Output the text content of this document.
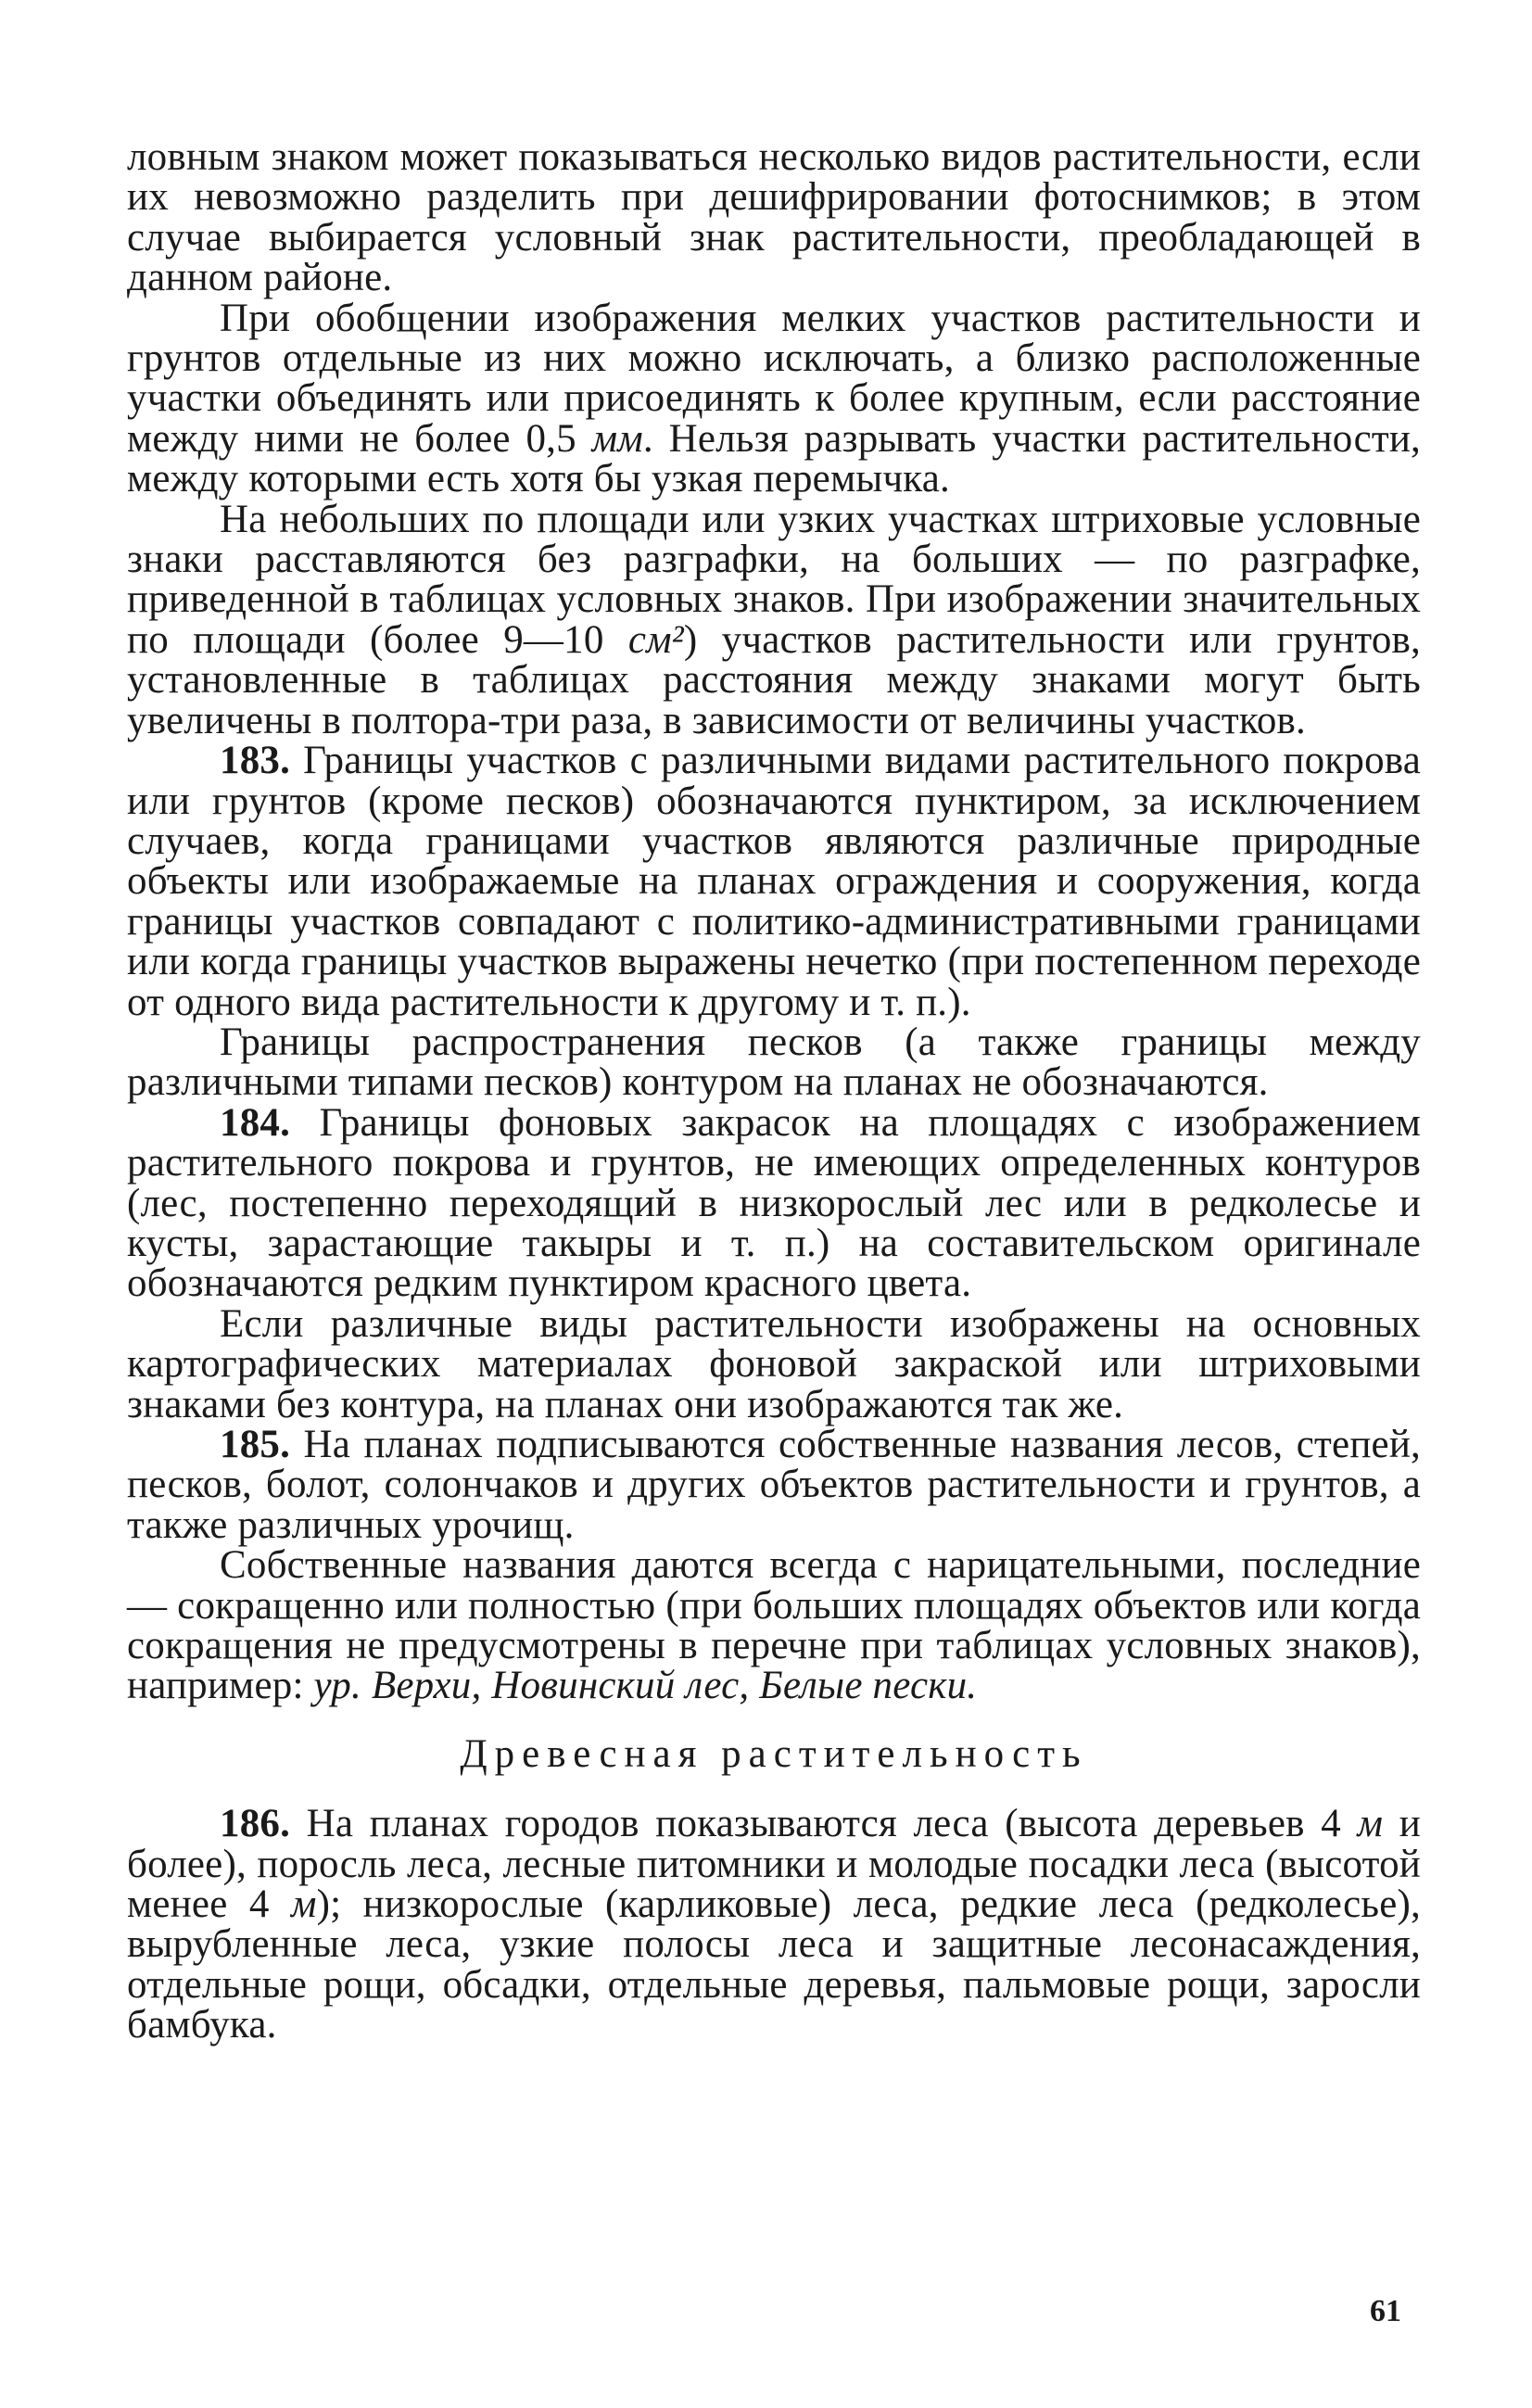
ловным знаком может показываться несколько видов растительности, если их невозможно разделить при дешифрировании фотоснимков; в этом случае выбирается условный знак растительности, преобладающей в данном районе.

При обобщении изображения мелких участков растительности и грунтов отдельные из них можно исключать, а близко расположенные участки объединять или присоединять к более крупным, если расстояние между ними не более 0,5 мм. Нельзя разрывать участки растительности, между которыми есть хотя бы узкая перемычка.

На небольших по площади или узких участках штриховые условные знаки расставляются без разграфки, на больших — по разграфке, приведенной в таблицах условных знаков. При изображении значительных по площади (более 9—10 см²) участков растительности или грунтов, установленные в таблицах расстояния между знаками могут быть увеличены в полтора-три раза, в зависимости от величины участков.

183. Границы участков с различными видами растительного покрова или грунтов (кроме песков) обозначаются пунктиром, за исключением случаев, когда границами участков являются различные природные объекты или изображаемые на планах ограждения и сооружения, когда границы участков совпадают с политико-административными границами или когда границы участков выражены нечетко (при постепенном переходе от одного вида растительности к другому и т. п.).

Границы распространения песков (а также границы между различными типами песков) контуром на планах не обозначаются.

184. Границы фоновых закрасок на площадях с изображением растительного покрова и грунтов, не имеющих определенных контуров (лес, постепенно переходящий в низкорослый лес или в редколесье и кусты, зарастающие такыры и т. п.) на составительском оригинале обозначаются редким пунктиром красного цвета.

Если различные виды растительности изображены на основных картографических материалах фоновой закраской или штриховыми знаками без контура, на планах они изображаются так же.

185. На планах подписываются собственные названия лесов, степей, песков, болот, солончаков и других объектов растительности и грунтов, а также различных урочищ.

Собственные названия даются всегда с нарицательными, последние — сокращенно или полностью (при больших площадях объектов или когда сокращения не предусмотрены в перечне при таблицах условных знаков), например: ур. Верхи, Новинский лес, Белые пески.

Древесная растительность

186. На планах городов показываются леса (высота деревьев 4 м и более), поросль леса, лесные питомники и молодые посадки леса (высотой менее 4 м); низкорослые (карликовые) леса, редкие леса (редколесье), вырубленные леса, узкие полосы леса и защитные лесонасаждения, отдельные рощи, обсадки, отдельные деревья, пальмовые рощи, заросли бамбука.

61
